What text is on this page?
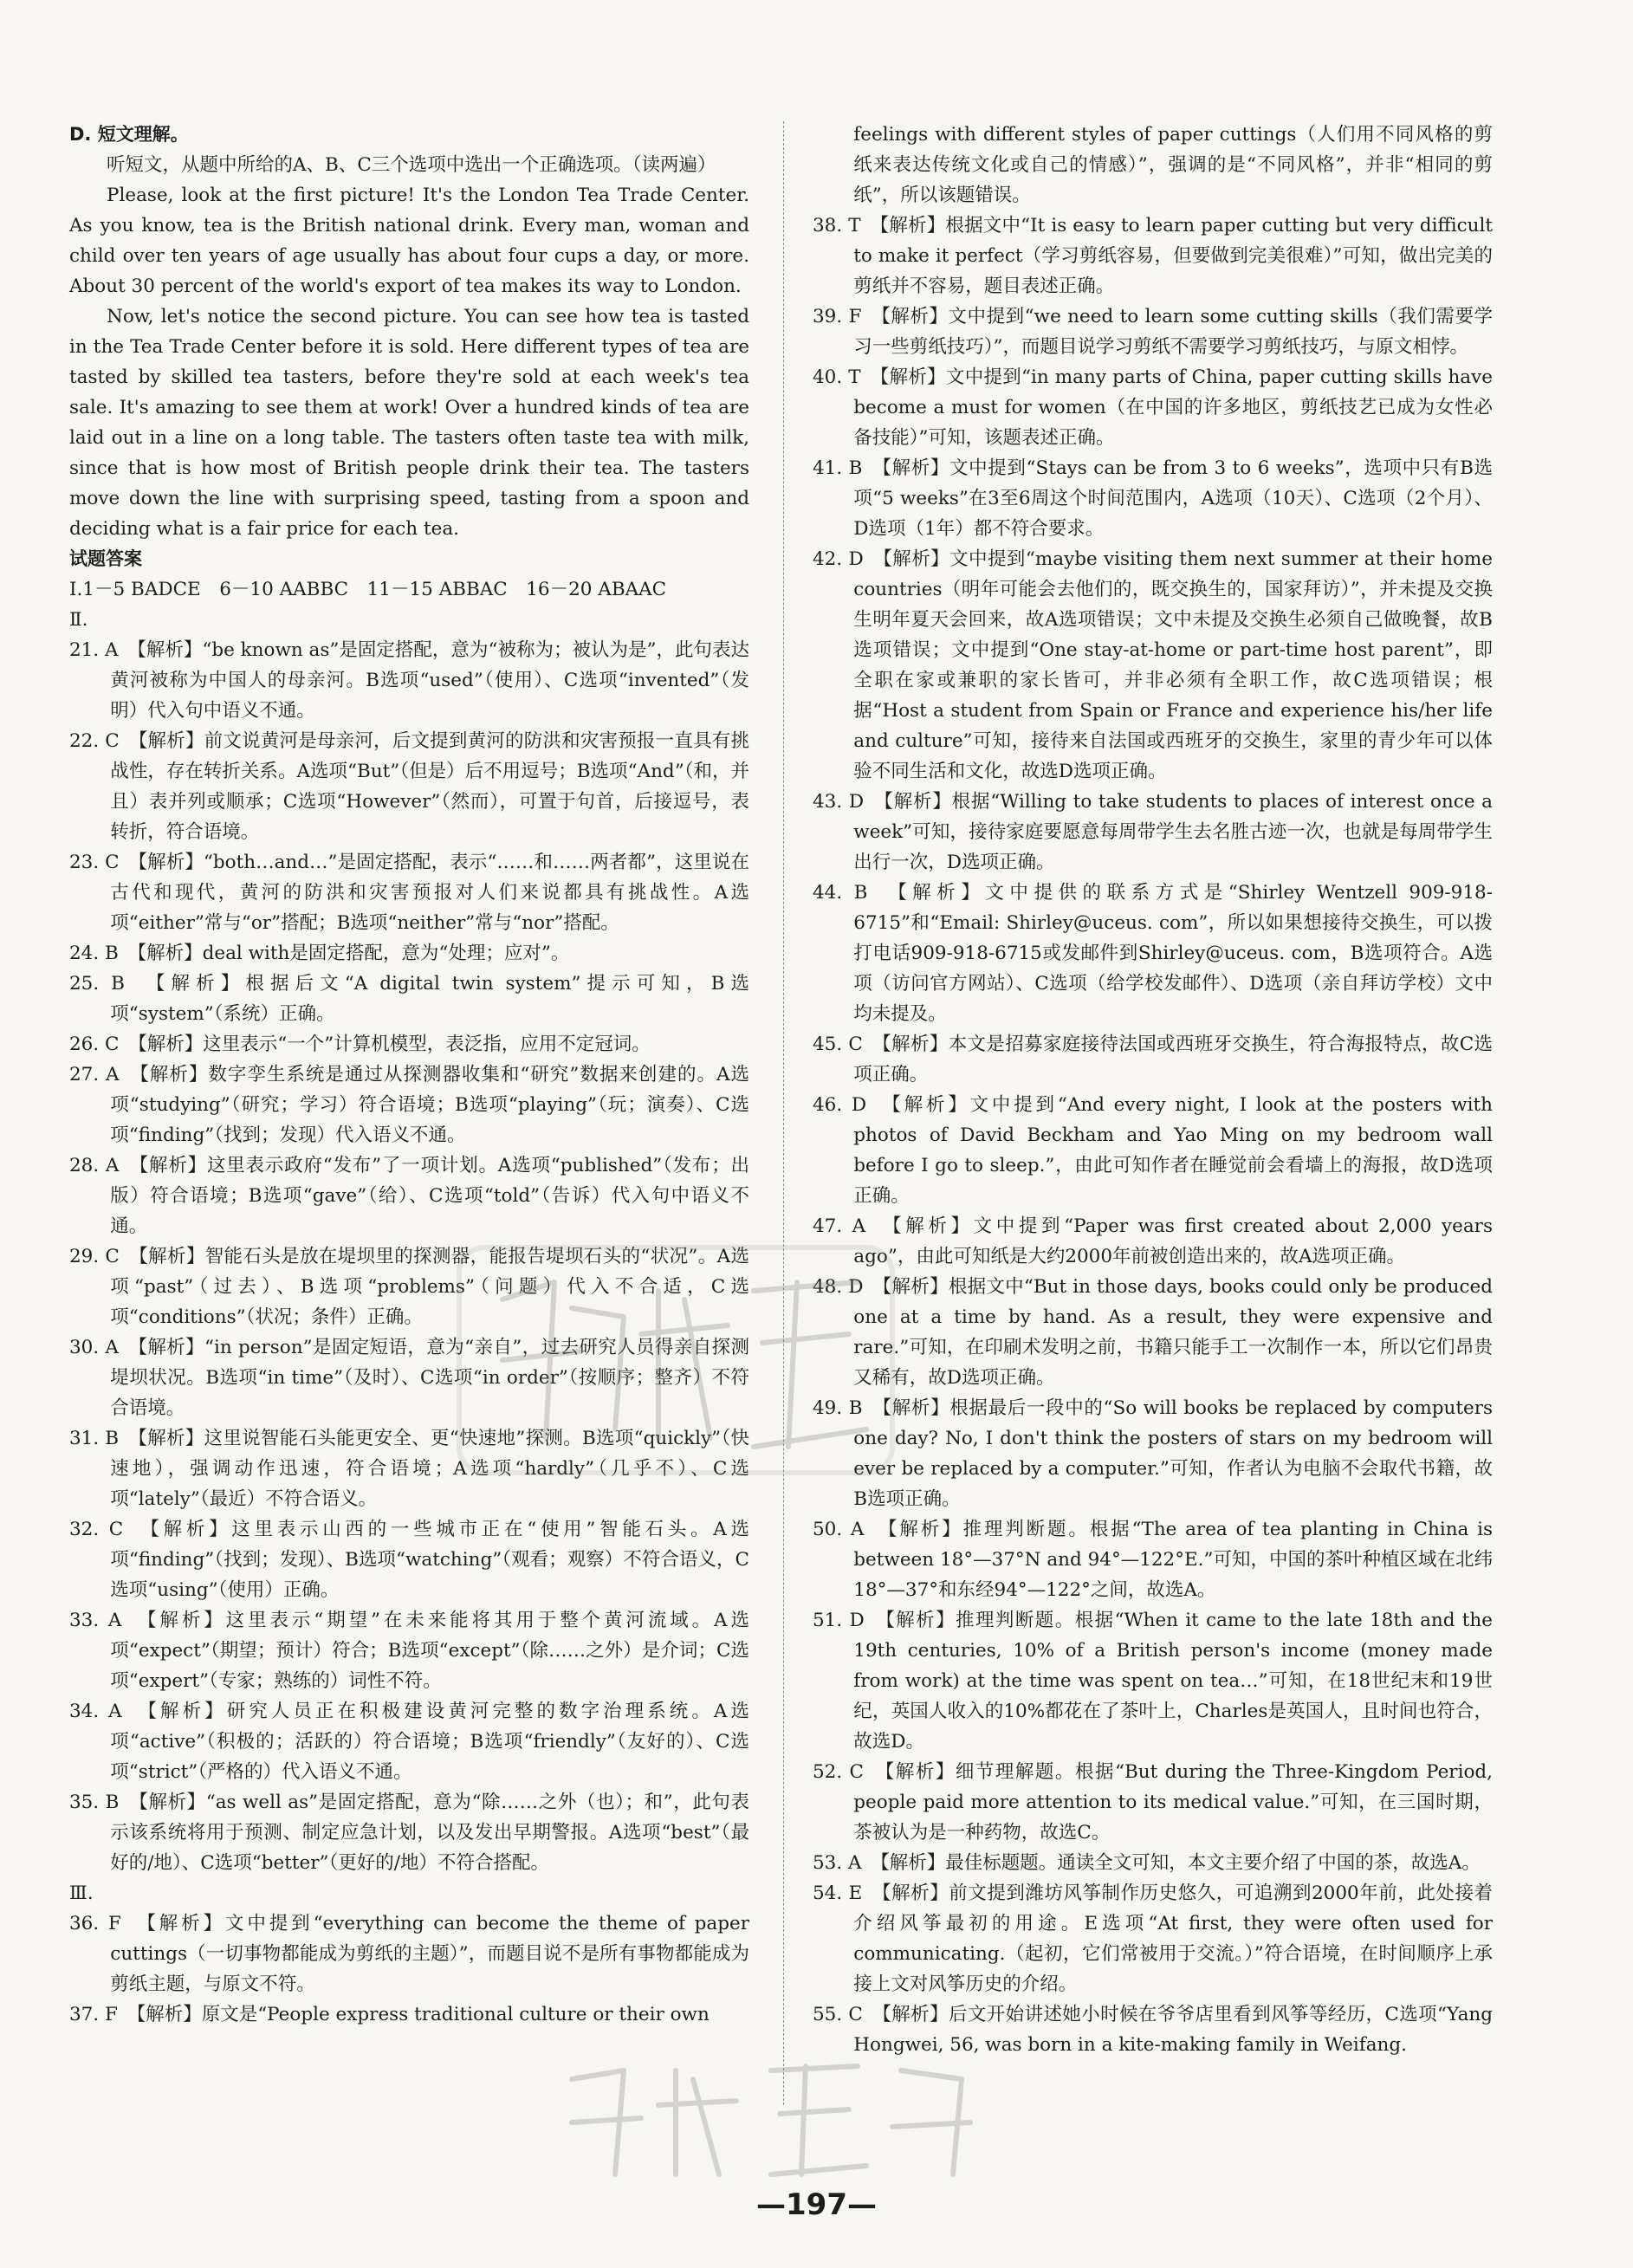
D. 短文理解。

听短文，从题中所给的A、B、C三个选项中选出一个正确选项。（读两遍）

Please, look at the first picture! It's the London Tea Trade Center. As you know, tea is the British national drink. Every man, woman and child over ten years of age usually has about four cups a day, or more. About 30 percent of the world's export of tea makes its way to London.

Now, let's notice the second picture. You can see how tea is tasted in the Tea Trade Center before it is sold. Here different types of tea are tasted by skilled tea tasters, before they're sold at each week's tea sale. It's amazing to see them at work! Over a hundred kinds of tea are laid out in a line on a long table. The tasters often taste tea with milk, since that is how most of British people drink their tea. The tasters move down the line with surprising speed, tasting from a spoon and deciding what is a fair price for each tea.

试题答案

Ⅰ.1－5 BADCE　6－10 AABBC　11－15 ABBAC　16－20 ABAAC

Ⅱ.

21. A　【解析】“be known as”是固定搭配，意为“被称为；被认为是”，此句表达黄河被称为中国人的母亲河。B选项“used”（使用）、C选项“invented”（发明）代入句中语义不通。

22. C　【解析】前文说黄河是母亲河，后文提到黄河的防洪和灾害预报一直具有挑战性，存在转折关系。A选项“But”（但是）后不用逗号；B选项“And”（和，并且）表并列或顺承；C选项“However”（然而），可置于句首，后接逗号，表转折，符合语境。

23. C　【解析】“both…and…”是固定搭配，表示“……和……两者都”，这里说在古代和现代，黄河的防洪和灾害预报对人们来说都具有挑战性。A选项“either”常与“or”搭配；B选项“neither”常与“nor”搭配。

24. B　【解析】deal with是固定搭配，意为“处理；应对”。

25. B　【解析】根据后文“A digital twin system”提示可知，B选项“system”（系统）正确。

26. C　【解析】这里表示“一个”计算机模型，表泛指，应用不定冠词。

27. A　【解析】数字孪生系统是通过从探测器收集和“研究”数据来创建的。A选项“studying”（研究；学习）符合语境；B选项“playing”（玩；演奏）、C选项“finding”（找到；发现）代入语义不通。

28. A　【解析】这里表示政府“发布”了一项计划。A选项“published”（发布；出版）符合语境；B选项“gave”（给）、C选项“told”（告诉）代入句中语义不通。

29. C　【解析】智能石头是放在堤坝里的探测器，能报告堤坝石头的“状况”。A选项“past”（过去）、B选项“problems”（问题）代入不合适，C选项“conditions”（状况；条件）正确。

30. A　【解析】“in person”是固定短语，意为“亲自”，过去研究人员得亲自探测堤坝状况。B选项“in time”（及时）、C选项“in order”（按顺序；整齐）不符合语境。

31. B　【解析】这里说智能石头能更安全、更“快速地”探测。B选项“quickly”（快速地），强调动作迅速，符合语境；A选项“hardly”（几乎不）、C选项“lately”（最近）不符合语义。

32. C　【解析】这里表示山西的一些城市正在“使用”智能石头。A选项“finding”（找到；发现）、B选项“watching”（观看；观察）不符合语义，C选项“using”（使用）正确。

33. A　【解析】这里表示“期望”在未来能将其用于整个黄河流域。A选项“expect”（期望；预计）符合；B选项“except”（除……之外）是介词；C选项“expert”（专家；熟练的）词性不符。

34. A　【解析】研究人员正在积极建设黄河完整的数字治理系统。A选项“active”（积极的；活跃的）符合语境；B选项“friendly”（友好的）、C选项“strict”（严格的）代入语义不通。

35. B　【解析】“as well as”是固定搭配，意为“除……之外（也）；和”，此句表示该系统将用于预测、制定应急计划，以及发出早期警报。A选项“best”（最好的/地）、C选项“better”（更好的/地）不符合搭配。

Ⅲ.

36. F　【解析】文中提到“everything can become the theme of paper cuttings（一切事物都能成为剪纸的主题）”，而题目说不是所有事物都能成为剪纸主题，与原文不符。

37. F　【解析】原文是“People express traditional culture or their own

feelings with different styles of paper cuttings（人们用不同风格的剪纸来表达传统文化或自己的情感）”，强调的是“不同风格”，并非“相同的剪纸”，所以该题错误。

38. T　【解析】根据文中“It is easy to learn paper cutting but very difficult to make it perfect（学习剪纸容易，但要做到完美很难）”可知，做出完美的剪纸并不容易，题目表述正确。

39. F　【解析】文中提到“we need to learn some cutting skills（我们需要学习一些剪纸技巧）”，而题目说学习剪纸不需要学习剪纸技巧，与原文相悖。

40. T　【解析】文中提到“in many parts of China, paper cutting skills have become a must for women（在中国的许多地区，剪纸技艺已成为女性必备技能）”可知，该题表述正确。

41. B　【解析】文中提到“Stays can be from 3 to 6 weeks”，选项中只有B选项“5 weeks”在3至6周这个时间范围内，A选项（10天）、C选项（2个月）、D选项（1年）都不符合要求。

42. D　【解析】文中提到“maybe visiting them next summer at their home countries（明年可能会去他们的，既交换生的，国家拜访）”，并未提及交换生明年夏天会回来，故A选项错误；文中未提及交换生必须自己做晚餐，故B选项错误；文中提到“One stay-at-home or part-time host parent”，即全职在家或兼职的家长皆可，并非必须有全职工作，故C选项错误；根据“Host a student from Spain or France and experience his/her life and culture”可知，接待来自法国或西班牙的交换生，家里的青少年可以体验不同生活和文化，故选D选项正确。

43. D　【解析】根据“Willing to take students to places of interest once a week”可知，接待家庭要愿意每周带学生去名胜古迹一次，也就是每周带学生出行一次，D选项正确。

44. B　【解析】文中提供的联系方式是“Shirley Wentzell 909-918-6715”和“Email: Shirley@uceus. com”，所以如果想接待交换生，可以拨打电话909-918-6715或发邮件到Shirley@uceus. com，B选项符合。A选项（访问官方网站）、C选项（给学校发邮件）、D选项（亲自拜访学校）文中均未提及。

45. C　【解析】本文是招募家庭接待法国或西班牙交换生，符合海报特点，故C选项正确。

46. D　【解析】文中提到“And every night, I look at the posters with photos of David Beckham and Yao Ming on my bedroom wall before I go to sleep.”，由此可知作者在睡觉前会看墙上的海报，故D选项正确。

47. A　【解析】文中提到“Paper was first created about 2,000 years ago”，由此可知纸是大约2000年前被创造出来的，故A选项正确。

48. D　【解析】根据文中“But in those days, books could only be produced one at a time by hand. As a result, they were expensive and rare.”可知，在印刷术发明之前，书籍只能手工一次制作一本，所以它们昂贵又稀有，故D选项正确。

49. B　【解析】根据最后一段中的“So will books be replaced by computers one day? No, I don't think the posters of stars on my bedroom will ever be replaced by a computer.”可知，作者认为电脑不会取代书籍，故B选项正确。

50. A　【解析】推理判断题。根据“The area of tea planting in China is between 18°—37°N and 94°—122°E.”可知，中国的茶叶种植区域在北纬18°—37°和东经94°—122°之间，故选A。

51. D　【解析】推理判断题。根据“When it came to the late 18th and the 19th centuries, 10% of a British person's income (money made from work) at the time was spent on tea…”可知，在18世纪末和19世纪，英国人收入的10%都花在了茶叶上，Charles是英国人，且时间也符合，故选D。

52. C　【解析】细节理解题。根据“But during the Three-Kingdom Period, people paid more attention to its medical value.”可知，在三国时期，茶被认为是一种药物，故选C。

53. A　【解析】最佳标题题。通读全文可知，本文主要介绍了中国的茶，故选A。

54. E　【解析】前文提到潍坊风筝制作历史悠久，可追溯到2000年前，此处接着介绍风筝最初的用途。E选项“At first, they were often used for communicating.（起初，它们常被用于交流。）”符合语境，在时间顺序上承接上文对风筝历史的介绍。

55. C　【解析】后文开始讲述她小时候在爷爷店里看到风筝等经历，C选项“Yang Hongwei, 56, was born in a kite-making family in Weifang.

—197—
